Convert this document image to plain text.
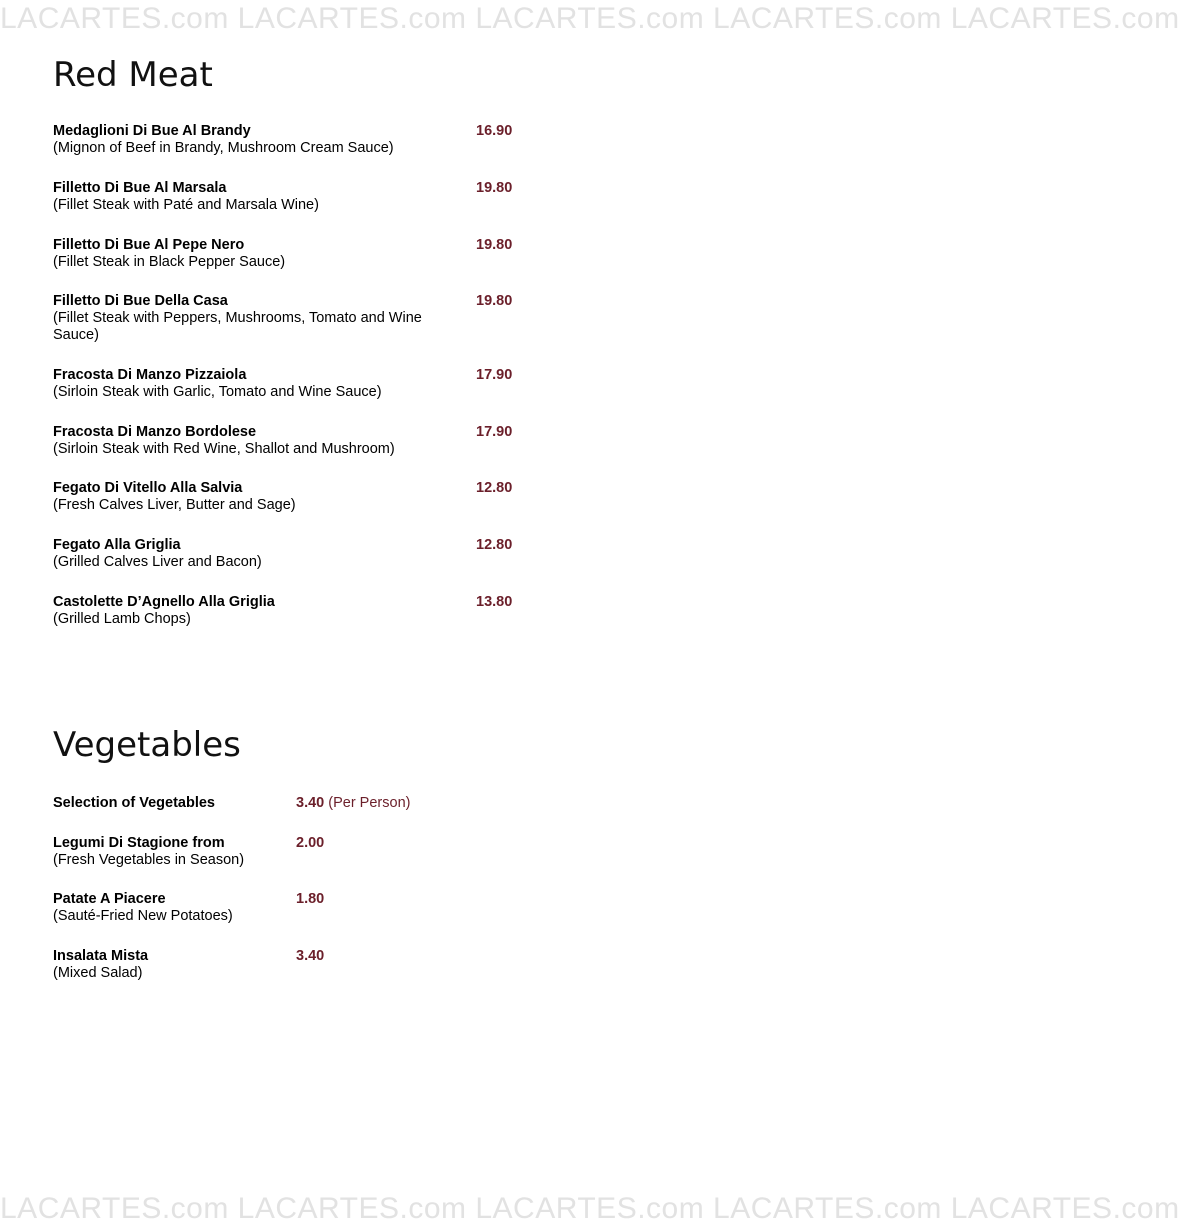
LACARTES.com LACARTES.com LACARTES.com LACARTES.com LACARTES.com
Red Meat
Medaglioni Di Bue Al Brandy
(Mignon of Beef in Brandy, Mushroom Cream Sauce)
16.90
Filletto Di Bue Al Marsala
(Fillet Steak with Paté and Marsala Wine)
19.80
Filletto Di Bue Al Pepe Nero
(Fillet Steak in Black Pepper Sauce)
19.80
Filletto Di Bue Della Casa
(Fillet Steak with Peppers, Mushrooms, Tomato and Wine Sauce)
19.80
Fracosta Di Manzo Pizzaiola
(Sirloin Steak with Garlic, Tomato and Wine Sauce)
17.90
Fracosta Di Manzo Bordolese
(Sirloin Steak with Red Wine, Shallot and Mushroom)
17.90
Fegato Di Vitello Alla Salvia
(Fresh Calves Liver, Butter and Sage)
12.80
Fegato Alla Griglia
(Grilled Calves Liver and Bacon)
12.80
Castolette D’Agnello Alla Griglia
(Grilled Lamb Chops)
13.80
Vegetables
Selection of Vegetables	3.40 (Per Person)
Legumi Di Stagione from
(Fresh Vegetables in Season)
2.00
Patate A Piacere
(Sauté-Fried New Potatoes)
1.80
Insalata Mista
(Mixed Salad)
3.40
LACARTES.com LACARTES.com LACARTES.com LACARTES.com LACARTES.com
